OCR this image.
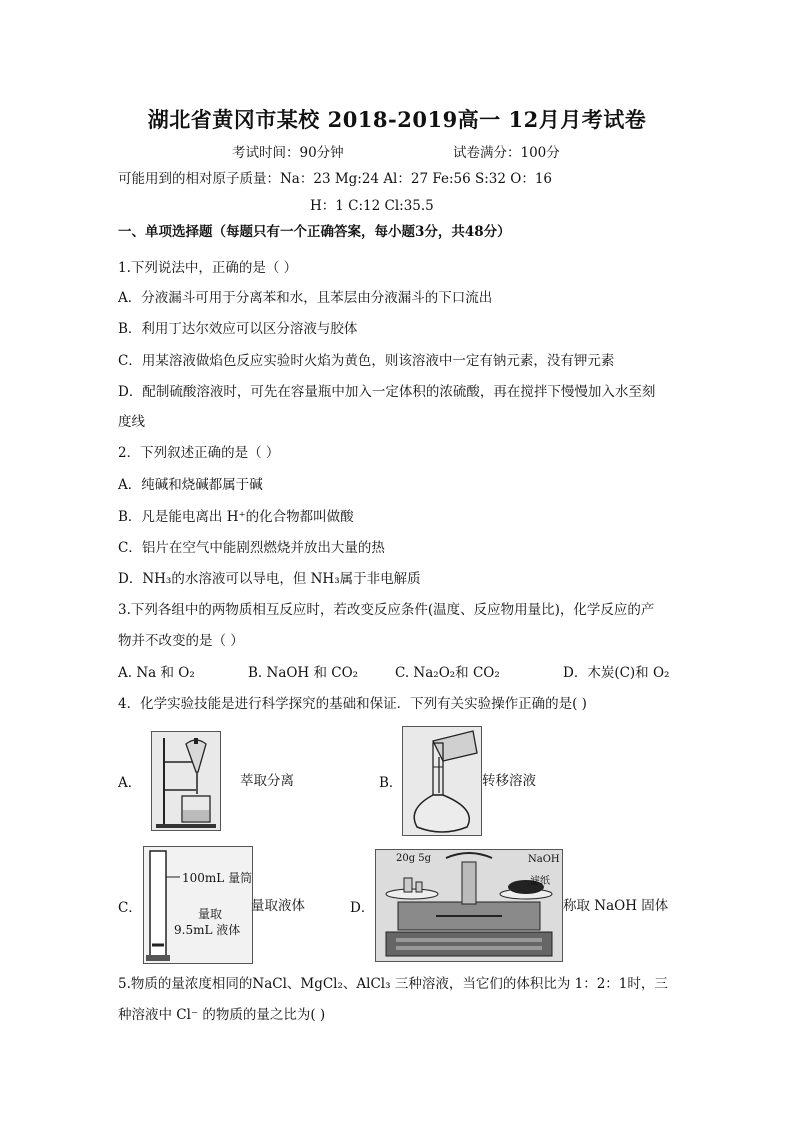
湖北省黄冈市某校 2018-2019高一 12月月考试卷
考试时间：90分钟	试卷满分：100分
可能用到的相对原子质量：Na：23 Mg:24 Al：27 Fe:56 S:32 O：16
H：1 C:12 Cl:35.5
一、单项选择题（每题只有一个正确答案，每小题3分，共48分）
1.下列说法中，正确的是（ ）
A．分液漏斗可用于分离苯和水，且苯层由分液漏斗的下口流出
B．利用丁达尔效应可以区分溶液与胶体
C．用某溶液做焰色反应实验时火焰为黄色，则该溶液中一定有钠元素，没有钾元素
D．配制硫酸溶液时，可先在容量瓶中加入一定体积的浓硫酸，再在搅拌下慢慢加入水至刻
度线
2．下列叙述正确的是（ ）
A．纯碱和烧碱都属于碱
B．凡是能电离出 H⁺的化合物都叫做酸
C．铝片在空气中能剧烈燃烧并放出大量的热
D．NH₃的水溶液可以导电，但 NH₃属于非电解质
3.下列各组中的两物质相互反应时，若改变反应条件(温度、反应物用量比)，化学反应的产
物并不改变的是（ ）
A. Na 和 O₂	B. NaOH 和 CO₂	C. Na₂O₂和 CO₂	D．木炭(C)和 O₂
4．化学实验技能是进行科学探究的基础和保证．下列有关实验操作正确的是( )
A．	萃取分离	B．	转移溶液
C．
100mL 量筒
量取
9.5mL 液体
量取液体	D．
20g 5g	NaOH
滤纸
称取 NaOH 固体
5.物质的量浓度相同的NaCl、MgCl₂、AlCl₃ 三种溶液，当它们的体积比为 1：2：1时，三
种溶液中 Cl⁻ 的物质的量之比为( )
